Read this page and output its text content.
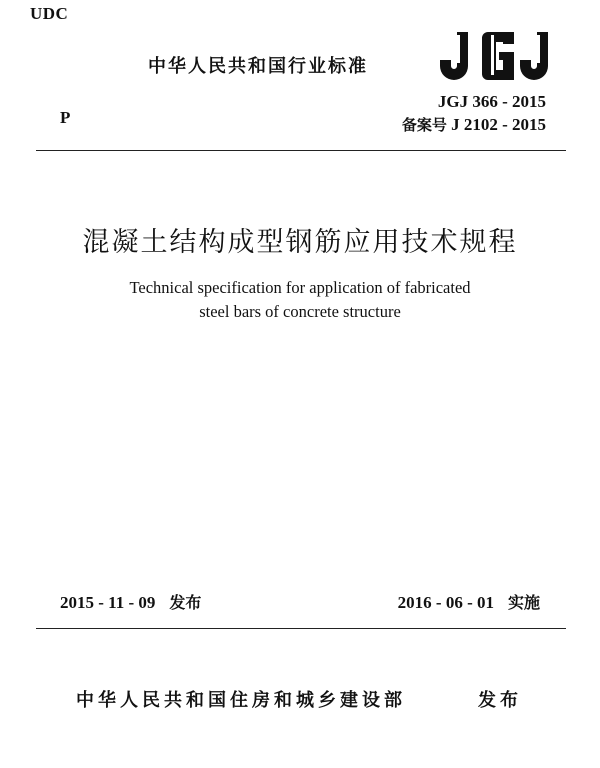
UDC
中华人民共和国行业标准
P
JGJ 366 - 2015
备案号 J 2102 - 2015
混凝土结构成型钢筋应用技术规程
Technical specification for application of fabricated
steel bars of concrete structure
2015 - 11 - 09 发布	2016 - 06 - 01 实施
中华人民共和国住房和城乡建设部	发布
